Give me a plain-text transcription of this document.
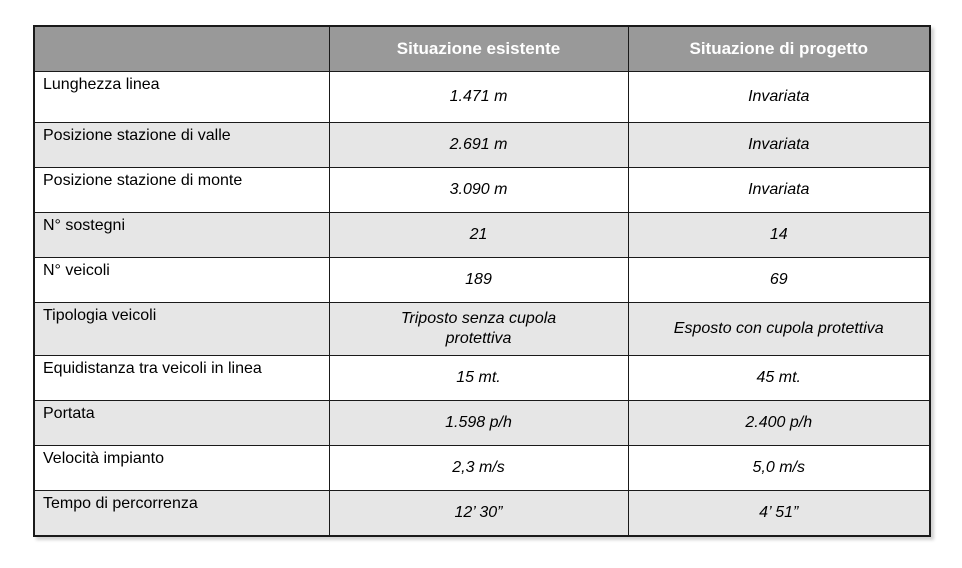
	Situazione esistente	Situazione di progetto
Lunghezza linea	1.471 m	Invariata
Posizione stazione di valle	2.691 m	Invariata
Posizione stazione di monte	3.090 m	Invariata
N° sostegni	21	14
N° veicoli	189	69
Tipologia veicoli	Triposto senza cupola protettiva	Esposto con cupola protettiva
Equidistanza tra veicoli in linea	15 mt.	45 mt.
Portata	1.598 p/h	2.400 p/h
Velocità impianto	2,3 m/s	5,0 m/s
Tempo di percorrenza	12’ 30”	4’ 51”
